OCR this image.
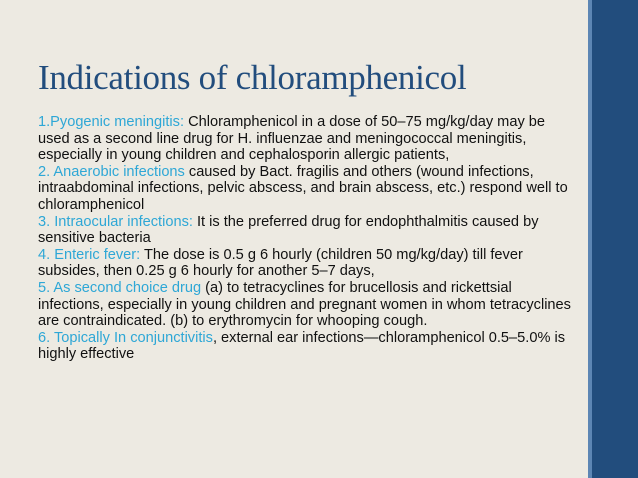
Indications of chloramphenicol

1.Pyogenic meningitis: Chloramphenicol in a dose of 50–75 mg/kg/day may be used as a second line drug for H. influenzae and meningococcal meningitis, especially in young children and cephalosporin allergic patients,

2. Anaerobic infections caused by Bact. fragilis and others (wound infections, intraabdominal infections, pelvic abscess, and brain abscess, etc.) respond well to chloramphenicol

3. Intraocular infections: It is the preferred drug for endophthalmitis caused by sensitive bacteria

4. Enteric fever: The dose is 0.5 g 6 hourly (children 50 mg/kg/day) till fever subsides, then 0.25 g 6 hourly for another 5–7 days,

5. As second choice drug (a) to tetracyclines for brucellosis and rickettsial infections, especially in young children and pregnant women in whom tetracyclines are contraindicated. (b) to erythromycin for whooping cough.

6. Topically In conjunctivitis, external ear infections—chloramphenicol 0.5–5.0% is highly effective
